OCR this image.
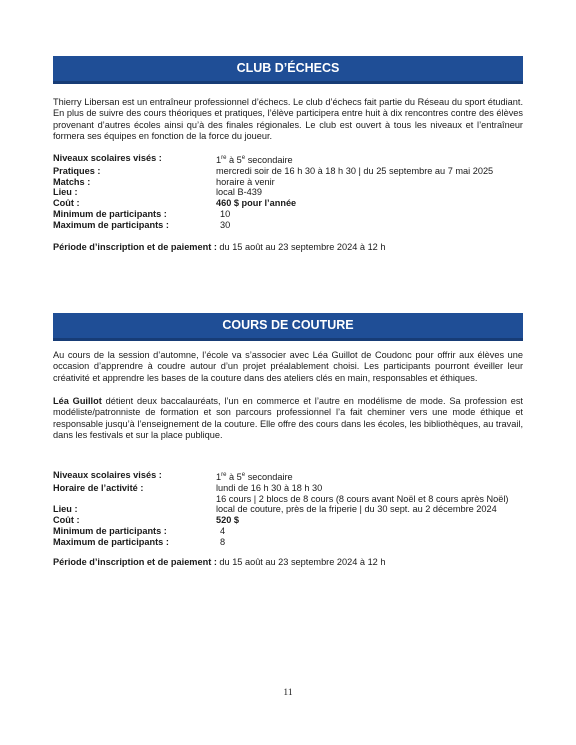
CLUB D’ÉCHECS

Thierry Libersan est un entraîneur professionnel d’échecs. Le club d’échecs fait partie du Réseau du sport étudiant. En plus de suivre des cours théoriques et pratiques, l’élève participera entre huit à dix rencontres contre des élèves provenant d’autres écoles ainsi qu’à des finales régionales. Le club est ouvert à tous les niveaux et l’entraîneur formera ses équipes en fonction de la force du joueur.

Niveaux scolaires visés :	1re à 5e secondaire
Pratiques :	mercredi soir de 16 h 30 à 18 h 30 | du 25 septembre au 7 mai 2025
Matchs :	horaire à venir
Lieu :	local B-439
Coût :	460 $ pour l’année
Minimum de participants :	10
Maximum de participants :	30
Période d’inscription et de paiement : du 15 août au 23 septembre 2024 à 12 h
COURS DE COUTURE

Au cours de la session d’automne, l’école va s’associer avec Léa Guillot de Coudonc pour offrir aux élèves une occasion d’apprendre à coudre autour d’un projet préalablement choisi. Les participants pourront éveiller leur créativité et apprendre les bases de la couture dans des ateliers clés en main, responsables et éthiques.

Léa Guillot détient deux baccalauréats, l’un en commerce et l’autre en modélisme de mode. Sa profession est modéliste/patronniste de formation et son parcours professionnel l’a fait cheminer vers une mode éthique et responsable jusqu’à l’enseignement de la couture. Elle offre des cours dans les écoles, les bibliothèques, au travail, dans les festivals et sur la place publique.

Niveaux scolaires visés :	1re à 5e secondaire
Horaire de l’activité :	lundi de 16 h 30 à 18 h 30
16 cours | 2 blocs de 8 cours (8 cours avant Noël et 8 cours après Noël)
Lieu :	local de couture, près de la friperie | du 30 sept. au 2 décembre 2024
Coût :	520 $
Minimum de participants :	4
Maximum de participants :	8
Période d’inscription et de paiement : du 15 août au 23 septembre 2024 à 12 h
11
